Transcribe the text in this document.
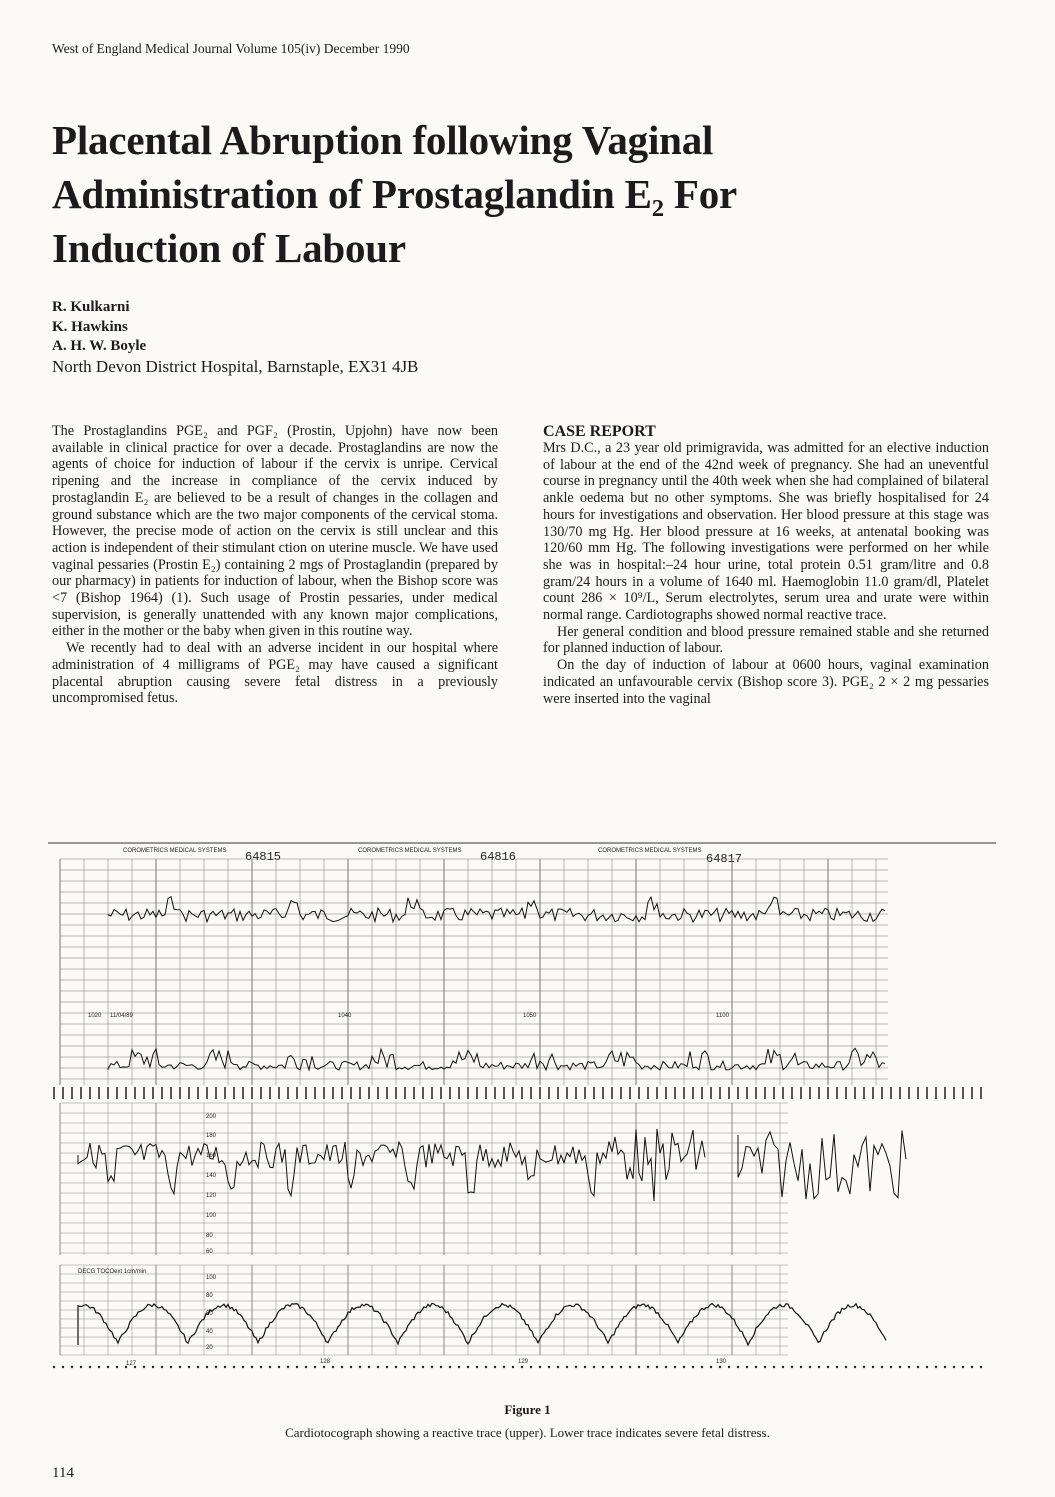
West of England Medical Journal Volume 105(iv) December 1990
Placental Abruption following Vaginal
Administration of Prostaglandin E₂ For
Induction of Labour
R. Kulkarni
K. Hawkins
A. H. W. Boyle
North Devon District Hospital, Barnstaple, EX31 4JB

The Prostaglandins PGE₂ and PGF₂ (Prostin, Upjohn) have now been available in clinical practice for over a decade. Prostaglandins are now the agents of choice for induction of labour if the cervix is unripe. Cervical ripening and the increase in compliance of the cervix induced by prostaglandin E₂ are believed to be a result of changes in the collagen and ground substance which are the two major components of the cervical stoma. However, the precise mode of action on the cervix is still unclear and this action is independent of their stimulant ction on uterine muscle. We have used vaginal pessaries (Prostin E₂) containing 2 mgs of Prostaglandin (prepared by our pharmacy) in patients for induction of labour, when the Bishop score was <7 (Bishop 1964) (1). Such usage of Prostin pessaries, under medical supervision, is generally unattended with any known major complications, either in the mother or the baby when given in this routine way.

We recently had to deal with an adverse incident in our hospital where administration of 4 milligrams of PGE₂ may have caused a significant placental abruption causing severe fetal distress in a previously uncompromised fetus.

CASE REPORT

Mrs D.C., a 23 year old primigravida, was admitted for an elective induction of labour at the end of the 42nd week of pregnancy. She had an uneventful course in pregnancy until the 40th week when she had complained of bilateral ankle oedema but no other symptoms. She was briefly hospitalised for 24 hours for investigations and observation. Her blood pressure at this stage was 130/70 mg Hg. Her blood pressure at 16 weeks, at antenatal booking was 120/60 mm Hg. The following investigations were performed on her while she was in hospital:–24 hour urine, total protein 0.51 gram/litre and 0.8 gram/24 hours in a volume of 1640 ml. Haemoglobin 11.0 gram/dl, Platelet count 286 × 10⁹/L, Serum electrolytes, serum urea and urate were within normal range. Cardiotographs showed normal reactive trace.

Her general condition and blood pressure remained stable and she returned for planned induction of labour.

On the day of induction of labour at 0600 hours, vaginal examination indicated an unfavourable cervix (Bishop score 3). PGE₂ 2 × 2 mg pessaries were inserted into the vaginal

COROMETRICS MEDICAL SYSTEMS	COROMETRICS MEDICAL SYSTEMS	COROMETRICS MEDICAL SYSTEMS
64815	64816	64817
1020 11/04/89	1040	1050	1100
200
180
160
140
120
100
80
60
DECG TOCOext 1cm/min
100
80
60
40
20
127	128	129	130
Figure 1
Cardiotocograph showing a reactive trace (upper). Lower trace indicates severe fetal distress.
114
